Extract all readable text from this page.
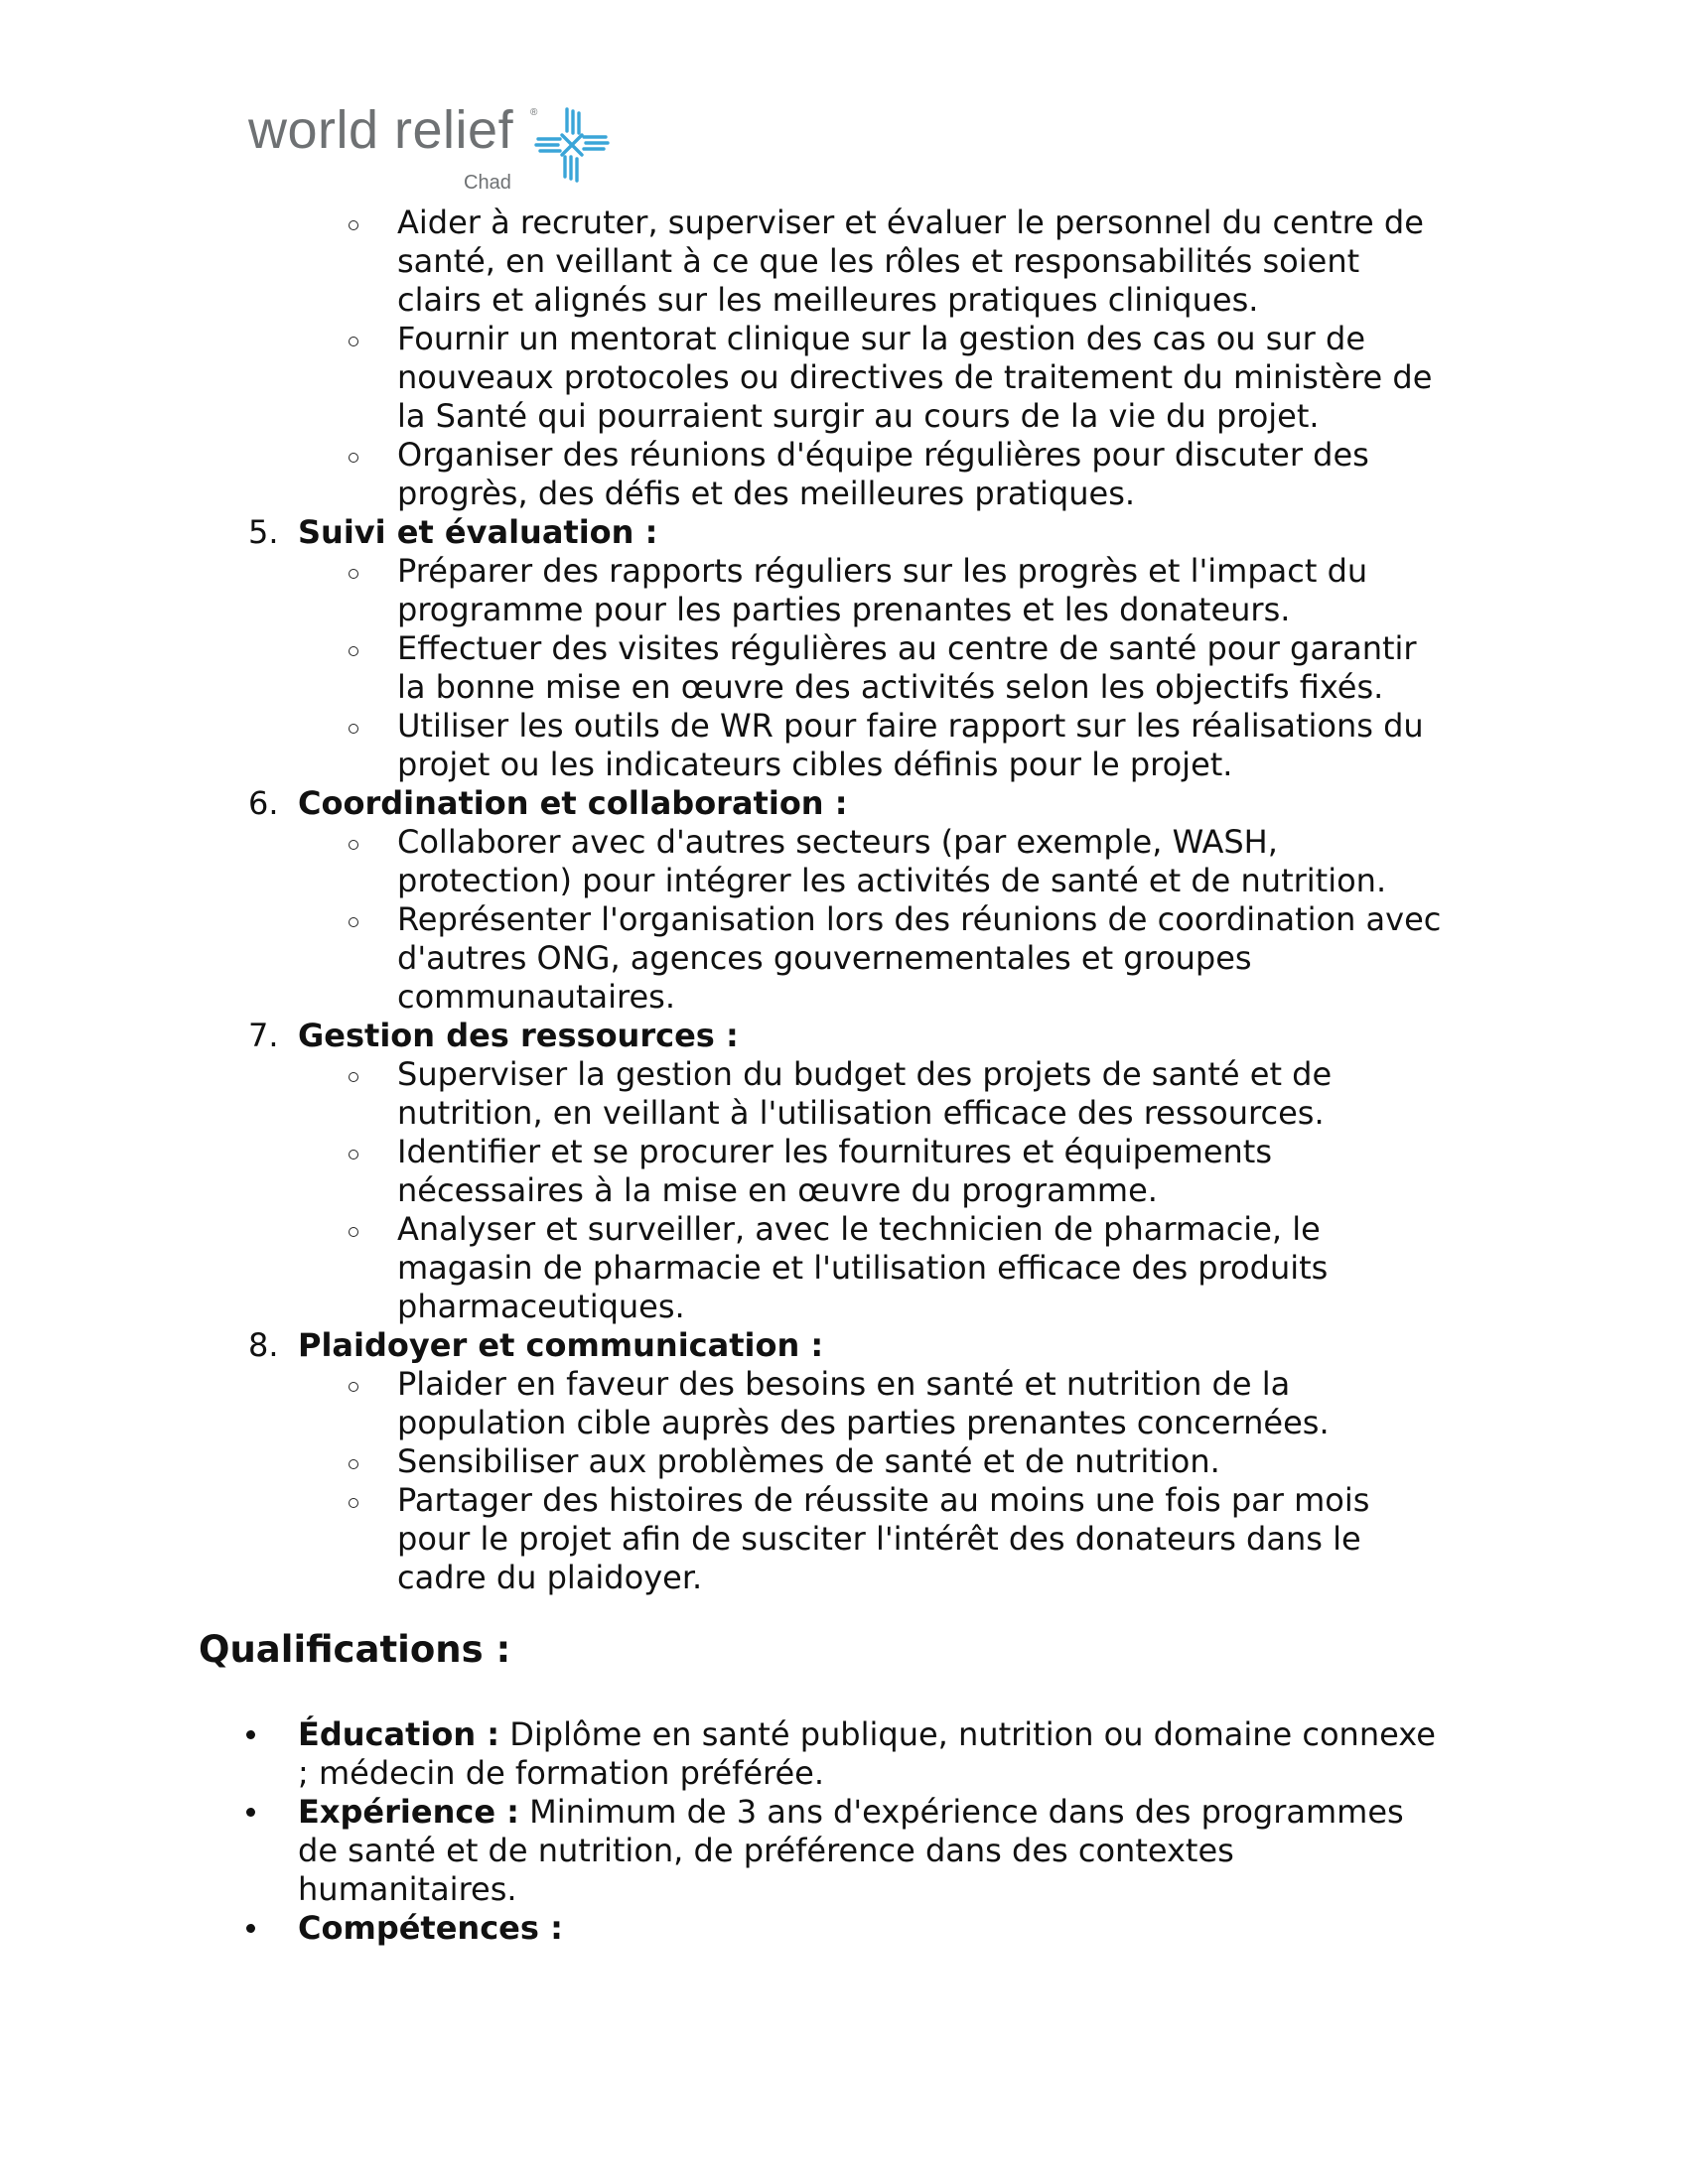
world relief ®
Chad
Aider à recruter, superviser et évaluer le personnel du centre de
santé, en veillant à ce que les rôles et responsabilités soient
clairs et alignés sur les meilleures pratiques cliniques.
Fournir un mentorat clinique sur la gestion des cas ou sur de
nouveaux protocoles ou directives de traitement du ministère de
la Santé qui pourraient surgir au cours de la vie du projet.
Organiser des réunions d'équipe régulières pour discuter des
progrès, des défis et des meilleures pratiques.
5. Suivi et évaluation :
Préparer des rapports réguliers sur les progrès et l'impact du
programme pour les parties prenantes et les donateurs.
Effectuer des visites régulières au centre de santé pour garantir
la bonne mise en œuvre des activités selon les objectifs fixés.
Utiliser les outils de WR pour faire rapport sur les réalisations du
projet ou les indicateurs cibles définis pour le projet.
6. Coordination et collaboration :
Collaborer avec d'autres secteurs (par exemple, WASH,
protection) pour intégrer les activités de santé et de nutrition.
Représenter l'organisation lors des réunions de coordination avec
d'autres ONG, agences gouvernementales et groupes
communautaires.
7. Gestion des ressources :
Superviser la gestion du budget des projets de santé et de
nutrition, en veillant à l'utilisation efficace des ressources.
Identifier et se procurer les fournitures et équipements
nécessaires à la mise en œuvre du programme.
Analyser et surveiller, avec le technicien de pharmacie, le
magasin de pharmacie et l'utilisation efficace des produits
pharmaceutiques.
8. Plaidoyer et communication :
Plaider en faveur des besoins en santé et nutrition de la
population cible auprès des parties prenantes concernées.
Sensibiliser aux problèmes de santé et de nutrition.
Partager des histoires de réussite au moins une fois par mois
pour le projet afin de susciter l'intérêt des donateurs dans le
cadre du plaidoyer.
Qualifications :
Éducation : Diplôme en santé publique, nutrition ou domaine connexe
; médecin de formation préférée.
Expérience : Minimum de 3 ans d'expérience dans des programmes
de santé et de nutrition, de préférence dans des contextes
humanitaires.
Compétences :
